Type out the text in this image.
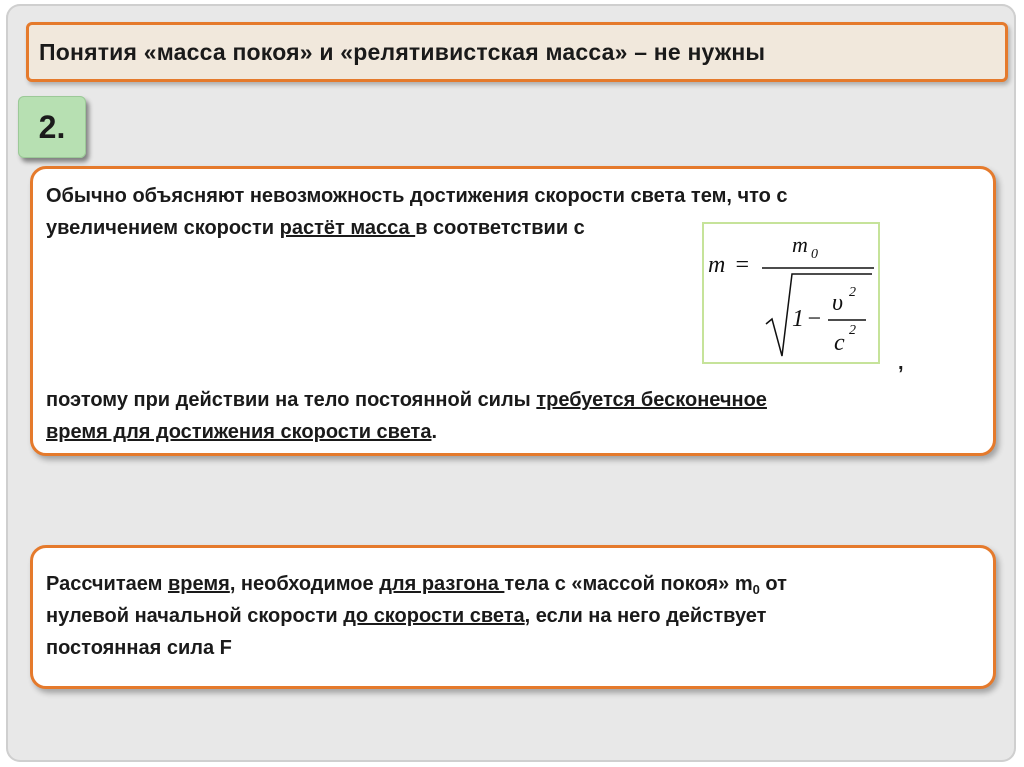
Понятия «масса покоя» и «релятивистская масса» – не нужны
2.
Обычно объясняют невозможность достижения скорости света тем, что с
увеличением скорости растёт масса в соответствии с
m =
m 0
1 −
υ 2
c 2
,
поэтому при действии на тело постоянной силы требуется бесконечное
время для достижения скорости света.
Рассчитаем время, необходимое для разгона тела с «массой покоя» $m_0$ от
нулевой начальной скорости до скорости света, если на него действует
постоянная сила F
